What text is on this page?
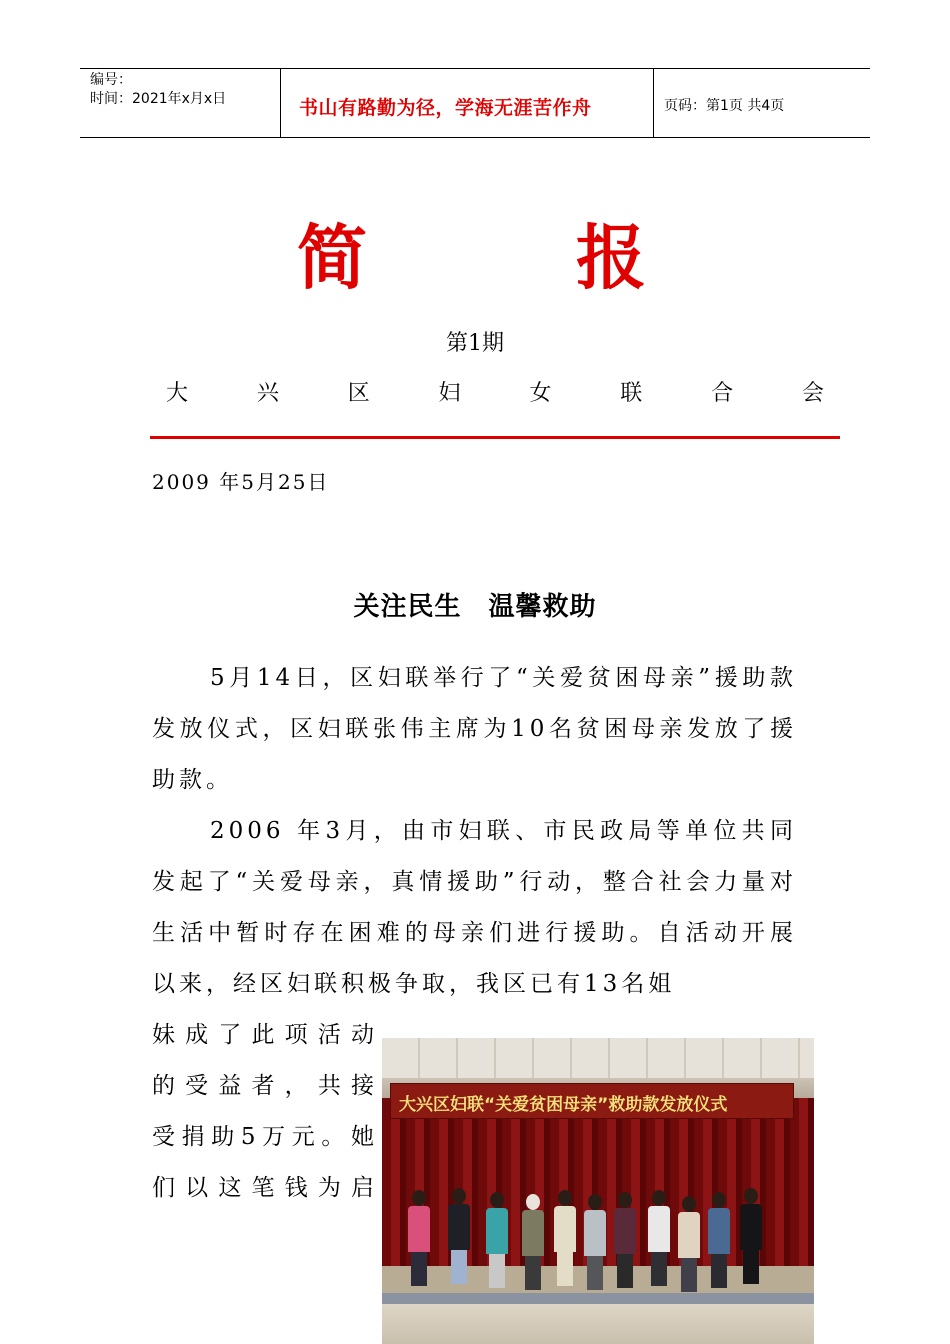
编号：
时间：2021年x月x日	书山有路勤为径，学海无涯苦作舟	页码：第1页 共4页
简	报
第1期
大	兴	区	妇	女	联	合	会
2009 年5月25日
关注民生　温馨救助
5月14日，区妇联举行了“关爱贫困母亲”援助款发放仪式，区妇联张伟主席为10名贫困母亲发放了援助款。
2006 年3月，由市妇联、市民政局等单位共同发起了“关爱母亲，真情援助”行动，整合社会力量对生活中暂时存在困难的母亲们进行援助。自活动开展以来，经区妇联积极争取，我区已有13名姐
妹成了此项活动
的受益者，共接
受捐助5万元。她
们以这笔钱为启
大兴区妇联“关爱贫困母亲”救助款发放仪式
